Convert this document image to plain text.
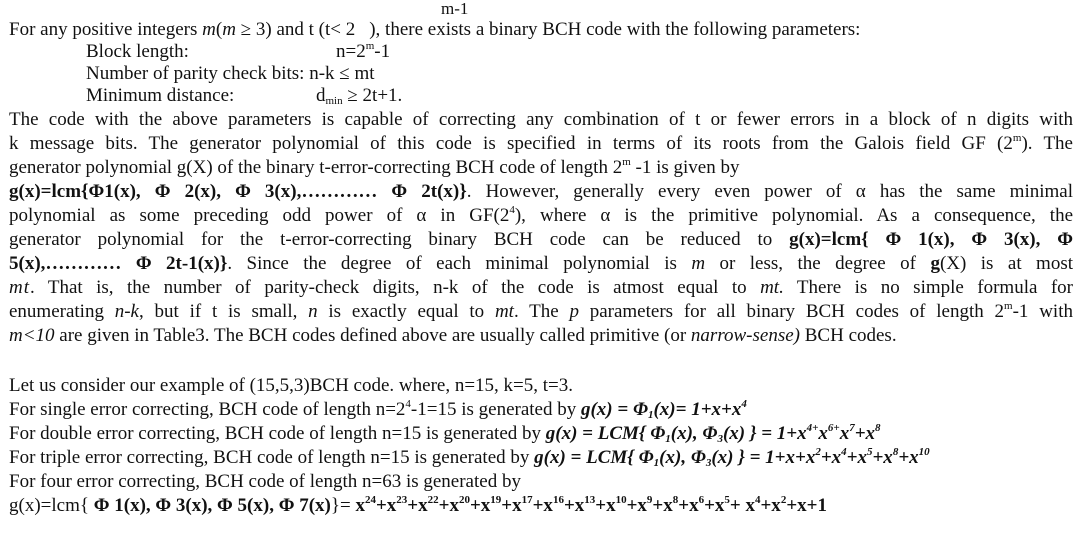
m-1
For any positive integers m(m ≥ 3) and t (t< 2 ), there exists a binary BCH code with the following parameters:
Block length:	$n=2^m-1$
Number of parity check bits: n-k ≤ mt
Minimum distance:	$d_{min} \ge 2t+1$.
The code with the above parameters is capable of correcting any combination of t or fewer errors in a block of n digits with
k message bits. The generator polynomial of this code is specified in terms of its roots from the Galois field GF (2$^m$). The
generator polynomial g(X) of the binary t-error-correcting BCH code of length 2$^m$ -1 is given by
g(x)=lcm{Φ1(x), Φ 2(x), Φ 3(x),………… Φ 2t(x)}. However, generally every even power of α has the same minimal
polynomial as some preceding odd power of α in $GF(2^4)$, where α is the primitive polynomial. As a consequence, the
generator polynomial for the t-error-correcting binary BCH code can be reduced to g(x)=lcm{ Φ 1(x), Φ 3(x), Φ
5(x),………… Φ 2t-1(x)}. Since the degree of each minimal polynomial is m or less, the degree of g(X) is at most
mt. That is, the number of parity-check digits, n-k of the code is atmost equal to mt. There is no simple formula for
enumerating n-k, but if t is small, n is exactly equal to mt. The p parameters for all binary BCH codes of length 2$^m$-1 with
m<10 are given in Table3. The BCH codes defined above are usually called primitive (or narrow-sense) BCH codes.
Let us consider our example of (15,5,3)BCH code. where, n=15, k=5, t=3.
For single error correcting, BCH code of length $n=2^4-1=15$ is generated by $g(x) = \Phi_1(x)= 1+x+x^4$
For double error correcting, BCH code of length n=15 is generated by g(x) = LCM{ $\Phi_1(x)$, $\Phi_3(x)$ } = $1+x^{4+}x^{6+}x^7+x^8$
For triple error correcting, BCH code of length n=15 is generated by g(x) = LCM{ $\Phi_1(x)$, $\Phi_3(x)$ } = $1+x+x^2+x^4+x^5+x^8+x^{10}$
For four error correcting, BCH code of length n=63 is generated by
g(x)=lcm{ Φ 1(x), Φ 3(x), Φ 5(x), Φ $7(x)\}= x^{24}+x^{23}+x^{22}+x^{20}+x^{19}+x^{17}+x^{16}+x^{13}+x^{10}+x^9+x^8+x^6+x^5+ x^4+x^2+x+1$
